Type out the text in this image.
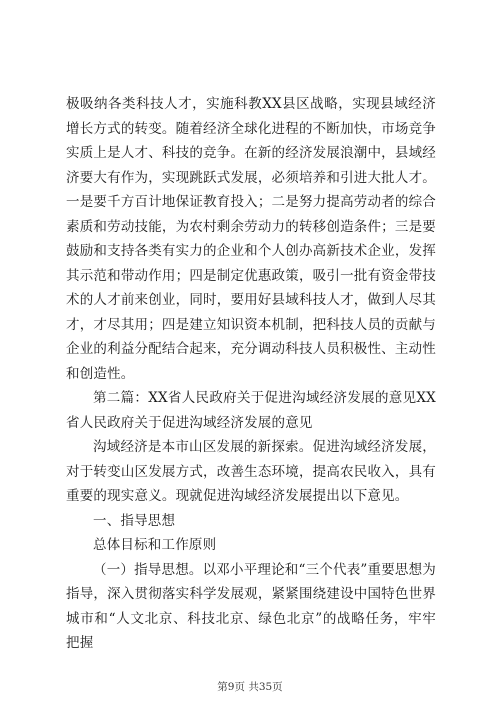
极吸纳各类科技人才，实施科教XX县区战略，实现县域经济增长方式的转变。随着经济全球化进程的不断加快，市场竞争实质上是人才、科技的竞争。在新的经济发展浪潮中，县域经济要大有作为，实现跳跃式发展，必须培养和引进大批人才。一是要千方百计地保证教育投入；二是努力提高劳动者的综合素质和劳动技能，为农村剩余劳动力的转移创造条件；三是要鼓励和支持各类有实力的企业和个人创办高新技术企业，发挥其示范和带动作用；四是制定优惠政策，吸引一批有资金带技术的人才前来创业，同时，要用好县域科技人才，做到人尽其才，才尽其用；四是建立知识资本机制，把科技人员的贡献与企业的利益分配结合起来，充分调动科技人员积极性、主动性和创造性。

第二篇：XX省人民政府关于促进沟域经济发展的意见XX省人民政府关于促进沟域经济发展的意见

沟域经济是本市山区发展的新探索。促进沟域经济发展，对于转变山区发展方式，改善生态环境，提高农民收入，具有重要的现实意义。现就促进沟域经济发展提出以下意见。

一、指导思想

总体目标和工作原则

（一）指导思想。以邓小平理论和“三个代表”重要思想为指导，深入贯彻落实科学发展观，紧紧围绕建设中国特色世界城市和“人文北京、科技北京、绿色北京”的战略任务，牢牢把握

第9页 共35页
